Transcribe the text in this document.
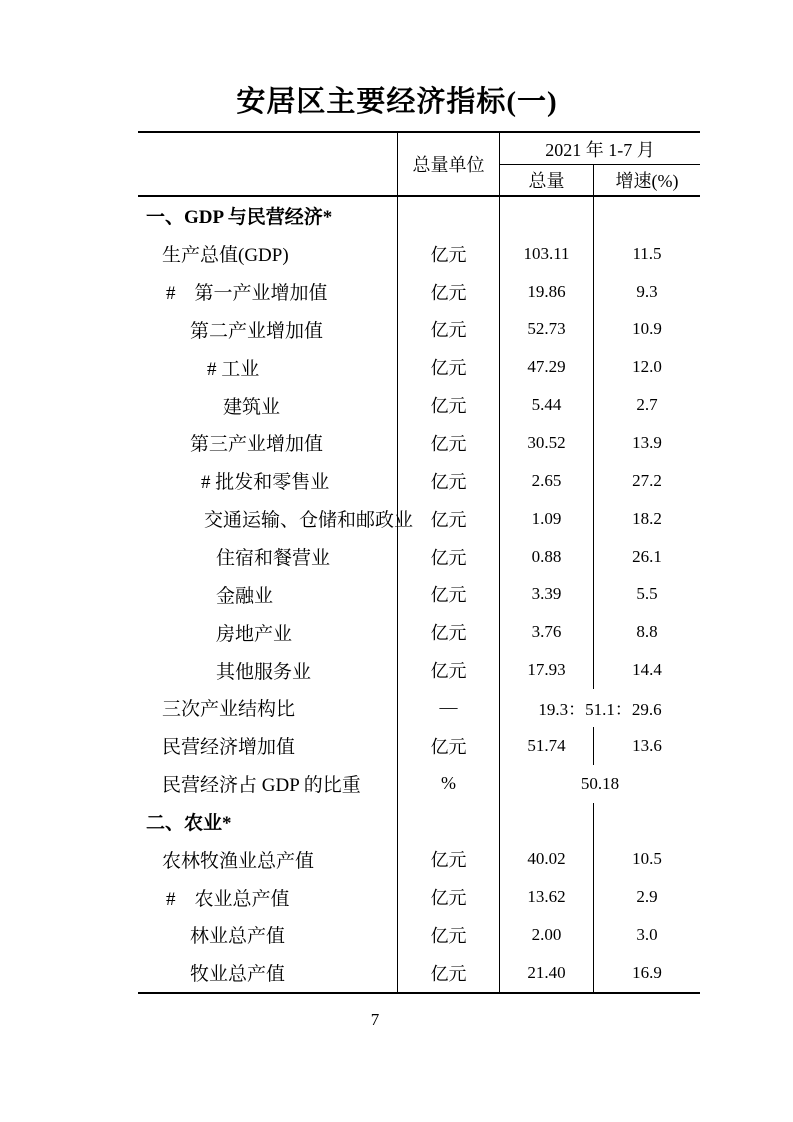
安居区主要经济指标(一)
总量单位
2021 年 1-7 月
总量	增速(%)
一、GDP 与民营经济*
生产总值(GDP)	亿元	103.11	11.5
#　第一产业增加值	亿元	19.86	9.3
第二产业增加值	亿元	52.73	10.9
# 工业	亿元	47.29	12.0
建筑业	亿元	5.44	2.7
第三产业增加值	亿元	30.52	13.9
# 批发和零售业	亿元	2.65	27.2
交通运输、仓储和邮政业 亿元	1.09	18.2
住宿和餐营业	亿元	0.88	26.1
金融业	亿元	3.39	5.5
房地产业	亿元	3.76	8.8
其他服务业	亿元	17.93	14.4
三次产业结构比	—	19.3：51.1：29.6
民营经济增加值	亿元	51.74	13.6
民营经济占 GDP 的比重	%	50.18
二、农业*
农林牧渔业总产值	亿元	40.02	10.5
#　农业总产值	亿元	13.62	2.9
林业总产值	亿元	2.00	3.0
牧业总产值	亿元	21.40	16.9
7
